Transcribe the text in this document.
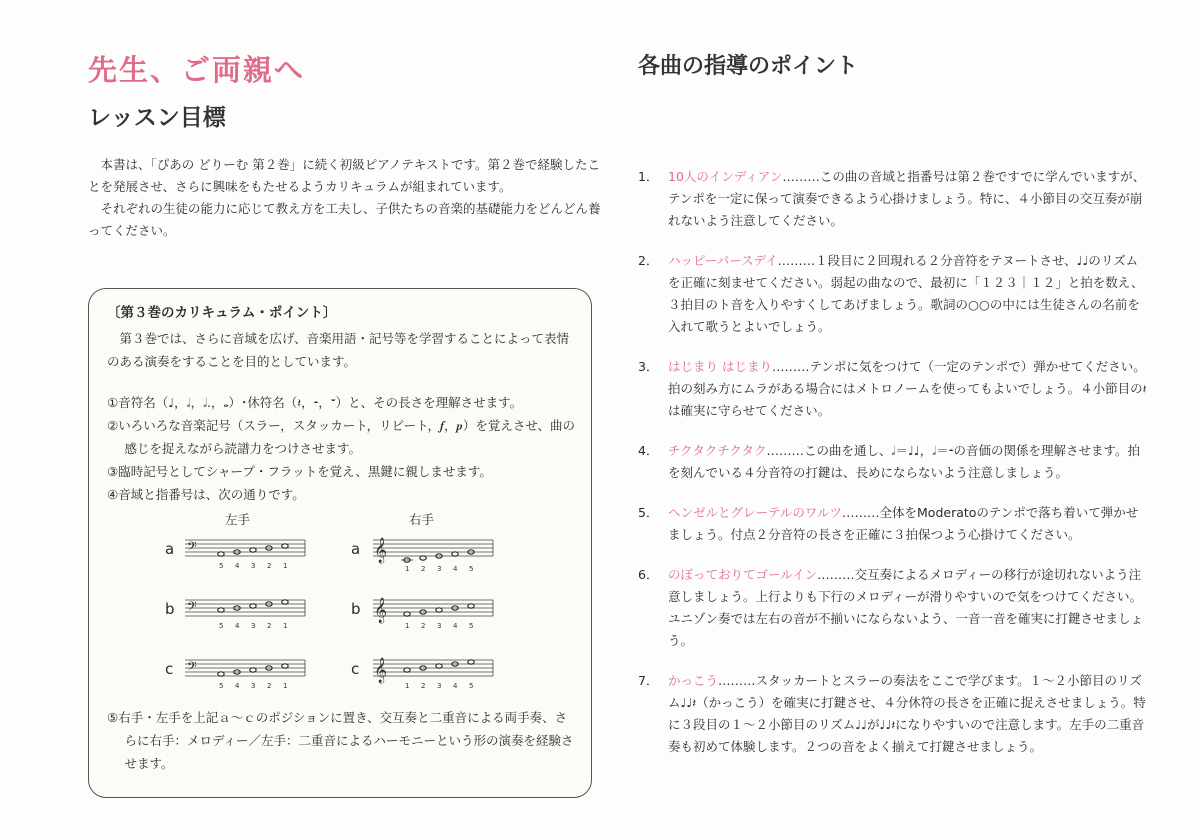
先生、ご両親へ
レッスン目標

本書は、「ぴあの どりーむ 第２巻」に続く初級ピアノテキストです。第２巻で経験したことを発展させ、さらに興味をもたせるようカリキュラムが組まれています。

それぞれの生徒の能力に応じて教え方を工夫し、子供たちの音楽的基礎能力をどんどん養ってください。

〔第３巻のカリキュラム・ポイント〕

第３巻では、さらに音域を広げ、音楽用語・記号等を学習することによって表情のある演奏をすることを目的としています。

①音符名（♩，𝅗𝅥，𝅗𝅥.，𝅝）･休符名（𝄽，𝄼，𝄻）と、その長さを理解させます。
②いろいろな音楽記号（スラー，スタッカート，リピート，𝆑，𝆏）を覚えさせ、曲の感じを捉えながら読譜力をつけさせます。
③臨時記号としてシャープ・フラットを覚え、黒鍵に親しませます。
④音域と指番号は、次の通りです。
左手	右手
a	a
b	b
c	c
𝄢
5 4 3 2 1
𝄢
5 4 3 2 1
𝄢
5 4 3 2 1
𝄞
1 2 3 4 5
𝄞
1 2 3 4 5
𝄞
1 2 3 4 5
⑤右手・左手を上記ａ～ｃのポジションに置き、交互奏と二重音による両手奏、さらに右手：メロディー／左手：二重音によるハーモニーという形の演奏を経験させます。
各曲の指導のポイント
1． 10人のインディアン………この曲の音域と指番号は第２巻ですでに学んでいますが、テンポを一定に保って演奏できるよう心掛けましょう。特に、４小節目の交互奏が崩れないよう注意してください。
2． ハッピーバースデイ………１段目に２回現れる２分音符をテヌートさせ、♩♩のリズムを正確に刻ませてください。弱起の曲なので、最初に「１２３｜１２」と拍を数え、３拍目のト音を入りやすくしてあげましょう。歌詞の○○の中には生徒さんの名前を入れて歌うとよいでしょう。
3． はじまり はじまり………テンポに気をつけて（一定のテンポで）弾かせてください。拍の刻み方にムラがある場合にはメトロノームを使ってもよいでしょう。４小節目の𝄽は確実に守らせてください。
4． チクタクチクタク………この曲を通し、𝅗𝅥＝♩♩，𝅗𝅥＝𝄼の音価の関係を理解させます。拍を刻んでいる４分音符の打鍵は、長めにならないよう注意しましょう。
5． ヘンゼルとグレーテルのワルツ………全体をModeratoのテンポで落ち着いて弾かせましょう。付点２分音符の長さを正確に３拍保つよう心掛けてください。
6． のぼっておりてゴールイン………交互奏によるメロディーの移行が途切れないよう注意しましょう。上行よりも下行のメロディーが滑りやすいので気をつけてください。ユニゾン奏では左右の音が不揃いにならないよう、一音一音を確実に打鍵させましょう。
7． かっこう………スタッカートとスラーの奏法をここで学びます。１～２小節目のリズム♩♩𝄽（かっこう）を確実に打鍵させ、４分休符の長さを正確に捉えさせましょう。特に３段目の１～２小節目のリズム♩♩が♩♩𝄽になりやすいので注意します。左手の二重音奏も初めて体験します。２つの音をよく揃えて打鍵させましょう。
